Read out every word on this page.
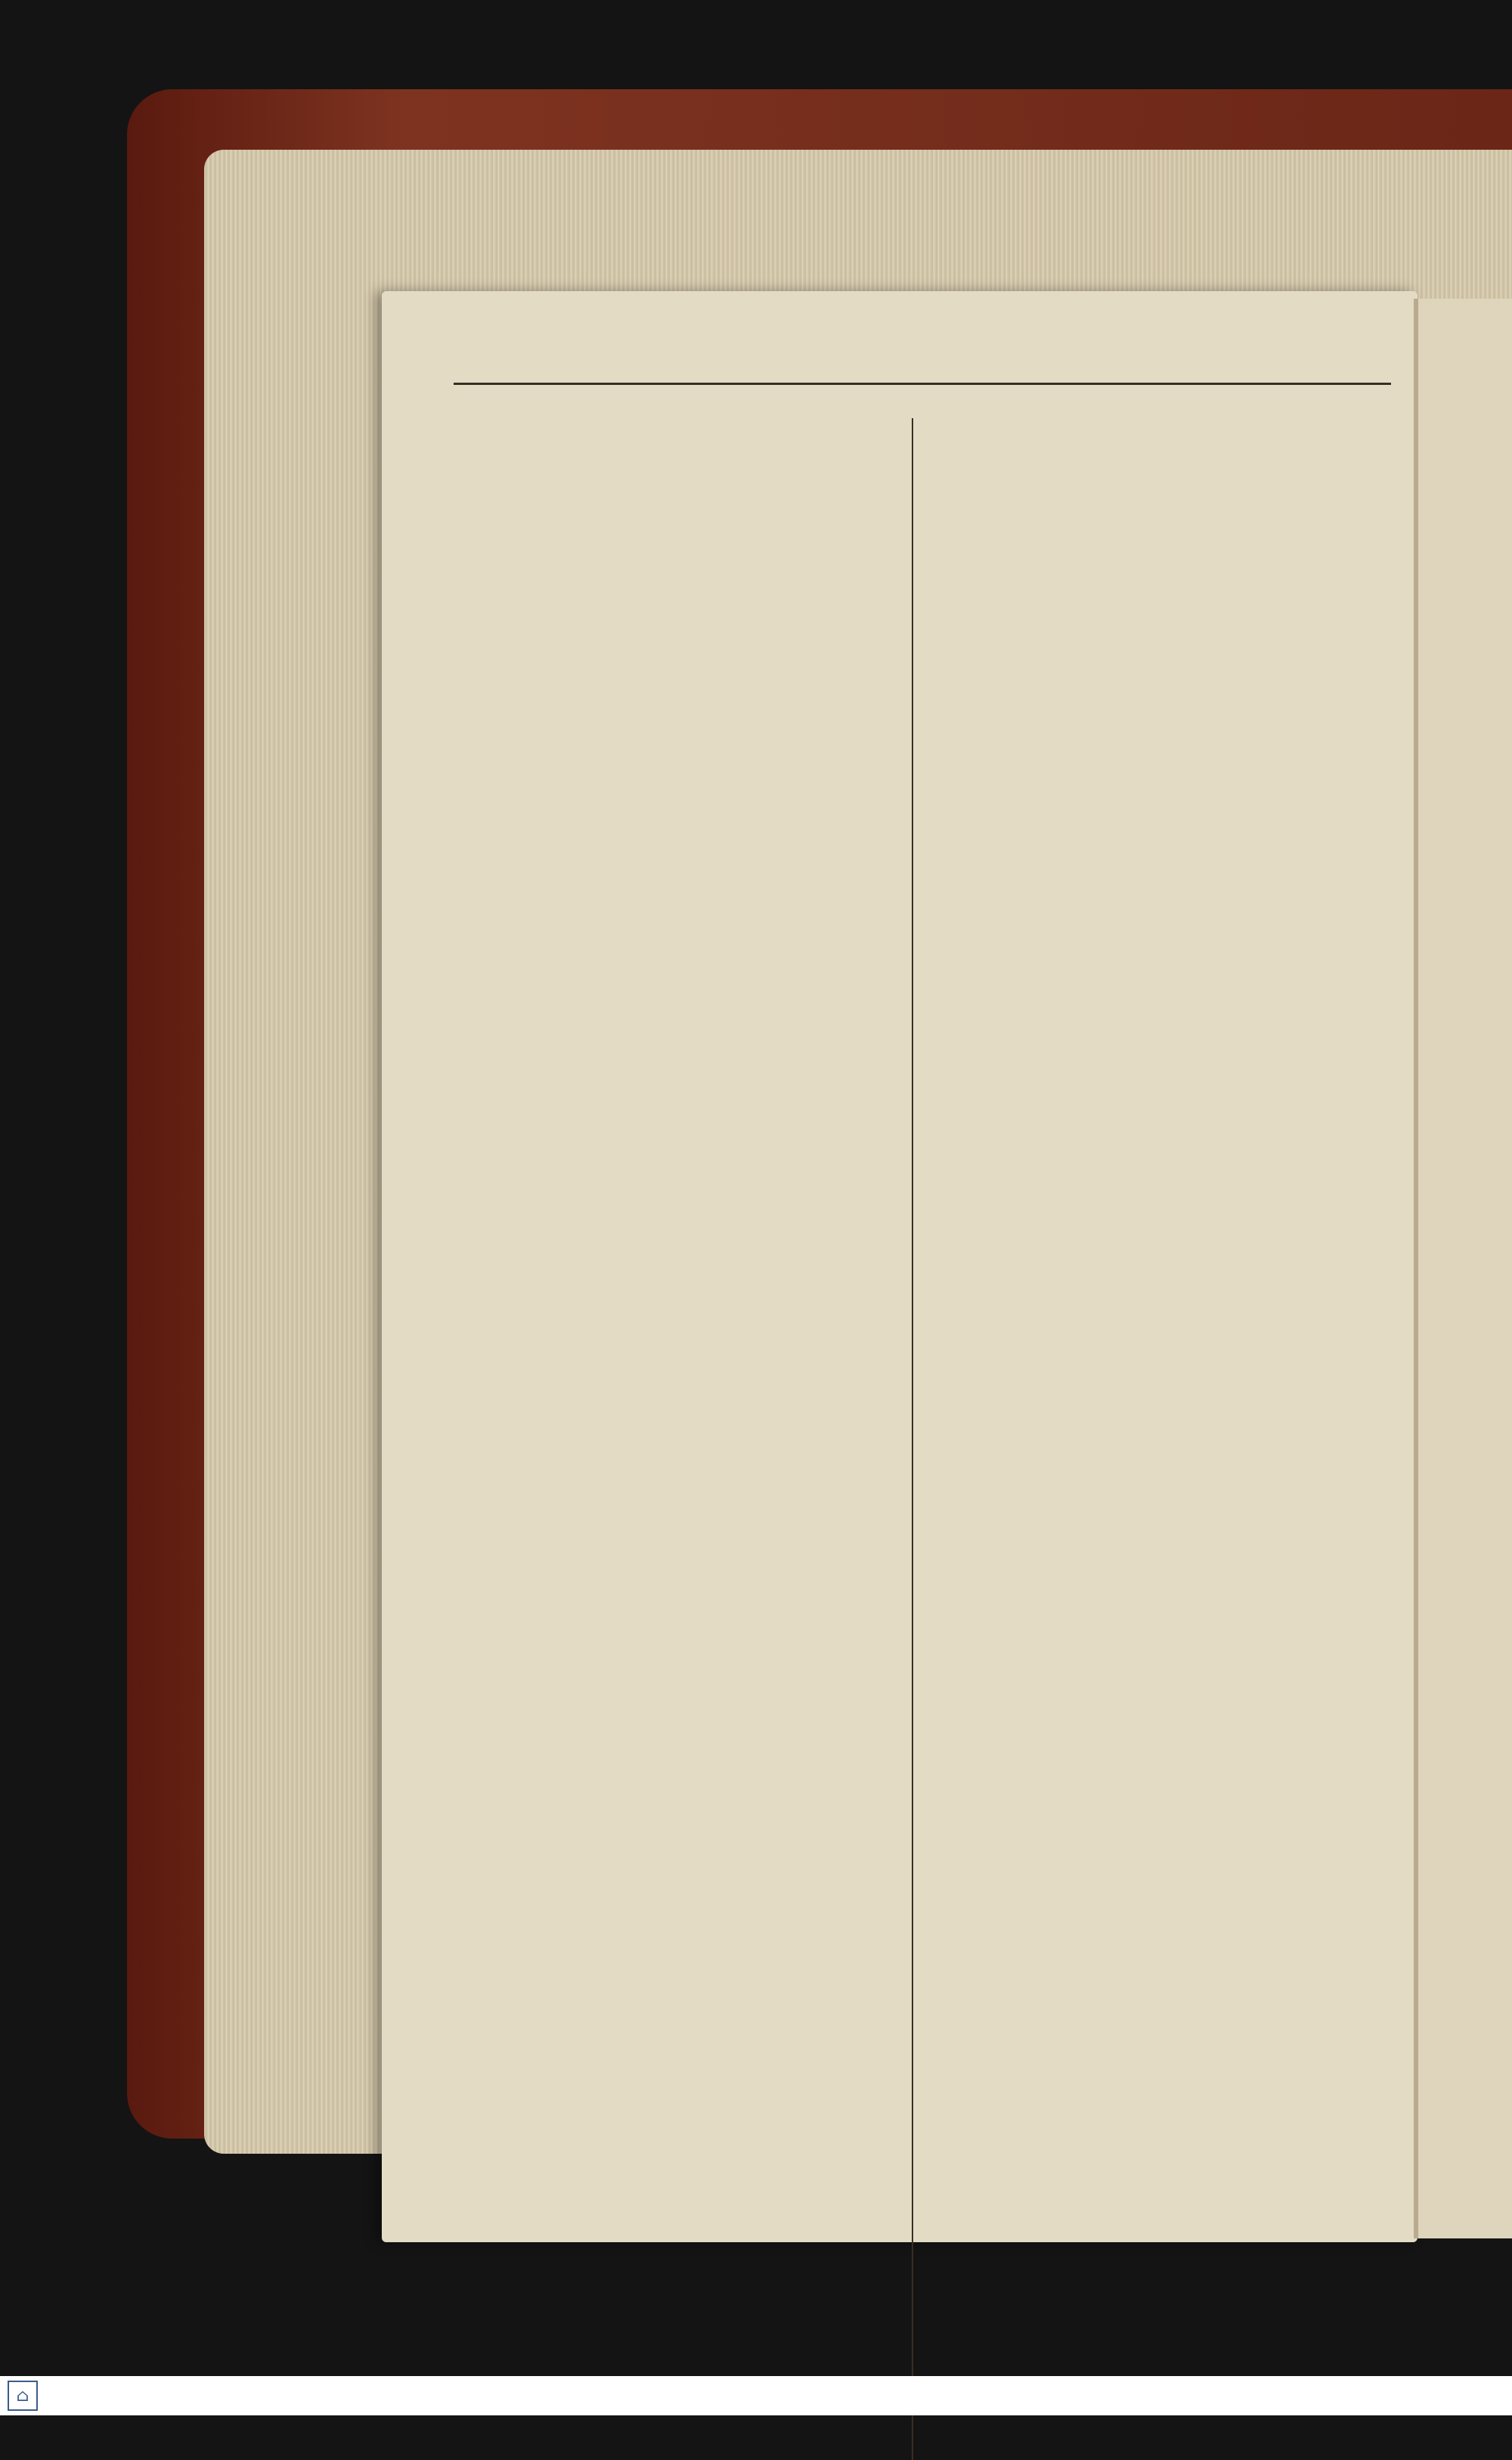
⌂
